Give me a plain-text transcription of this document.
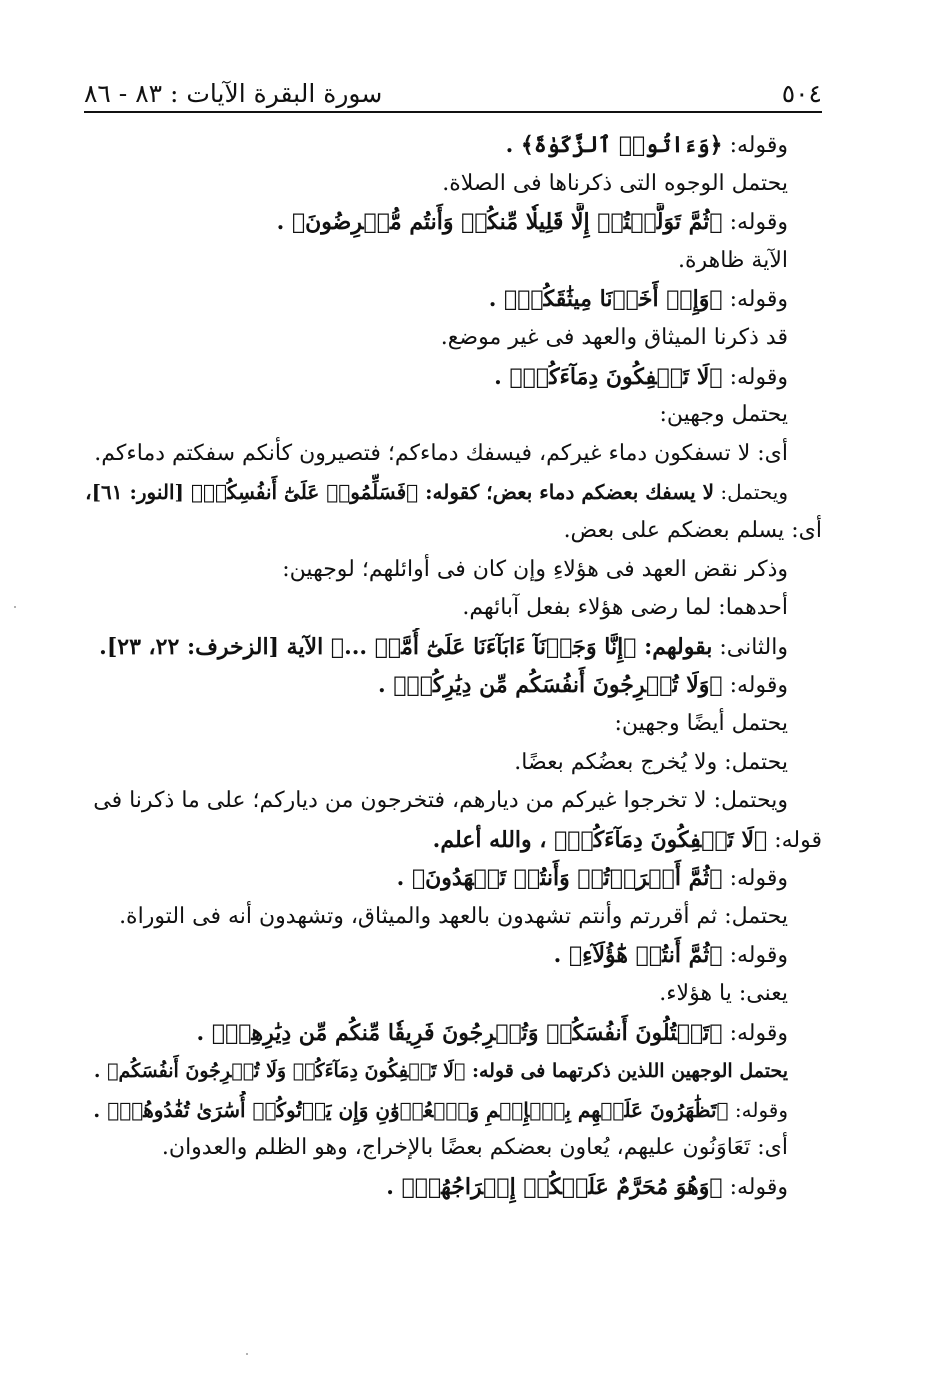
٥٠٤
سورة البقرة الآيات : ٨٣ - ٨٦
وقوله: ﴿وَءَاتُوا۟ ٱلزَّكَوٰةَ﴾ .
يحتمل الوجوه التى ذكرناها فى الصلاة.
وقوله: ﴿ثُمَّ تَوَلَّيۡتُمۡ إِلَّا قَلِيلٗا مِّنكُمۡ وَأَنتُم مُّعۡرِضُونَ﴾ .
الآية ظاهرة.
وقوله: ﴿وَإِذۡ أَخَذۡنَا مِيثَٰقَكُمۡ﴾ .
قد ذكرنا الميثاق والعهد فى غير موضع.
وقوله: ﴿لَا تَسۡفِكُونَ دِمَآءَكُمۡ﴾ .
يحتمل وجهين:
أى: لا تسفكون دماء غيركم، فيسفك دماءكم؛ فتصيرون كأنكم سفكتم دماءكم.
ويحتمل: لا يسفك بعضكم دماء بعض؛ كقوله: ﴿فَسَلِّمُوا۟ عَلَىٰٓ أَنفُسِكُمۡ﴾ [النور: ٦١]،
أى: يسلم بعضكم على بعض.
وذكر نقض العهد فى هؤلاءِ وإن كان فى أوائلهم؛ لوجهين:
أحدهما: لما رضى هؤلاء بفعل آبائهم.
والثانى: بقولهم: ﴿إِنَّا وَجَدۡنَآ ءَابَآءَنَا عَلَىٰٓ أُمَّةٖ ...﴾ الآية [الزخرف: ٢٢، ٢٣].
وقوله: ﴿وَلَا تُخۡرِجُونَ أَنفُسَكُم مِّن دِيَٰرِكُمۡ﴾ .
يحتمل أيضًا وجهين:
يحتمل: ولا يُخرج بعضُكم بعضًا.
ويحتمل: لا تخرجوا غيركم من ديارهم، فتخرجون من دياركم؛ على ما ذكرنا فى
قوله: ﴿لَا تَسۡفِكُونَ دِمَآءَكُمۡ﴾ ، والله أعلم.
وقوله: ﴿ثُمَّ أَقۡرَرۡتُمۡ وَأَنتُمۡ تَشۡهَدُونَ﴾ .
يحتمل: ثم أقررتم وأنتم تشهدون بالعهد والميثاق، وتشهدون أنه فى التوراة.
وقوله: ﴿ثُمَّ أَنتُمۡ هَٰٓؤُلَآءِ﴾ .
يعنى: يا هؤلاء.
وقوله: ﴿تَقۡتُلُونَ أَنفُسَكُمۡ وَتُخۡرِجُونَ فَرِيقٗا مِّنكُم مِّن دِيَٰرِهِمۡ﴾ .
يحتمل الوجهين اللذين ذكرتهما فى قوله: ﴿لَا تَسۡفِكُونَ دِمَآءَكُمۡ وَلَا تُخۡرِجُونَ أَنفُسَكُم﴾ .
وقوله: ﴿تَظَٰهَرُونَ عَلَيۡهِم بِٱلۡإِثۡمِ وَٱلۡعُدۡوَٰنِ وَإِن يَأۡتُوكُمۡ أُسَٰرَىٰ تُفَٰدُوهُمۡ﴾ .
أى: تَعَاوَنُون عليهم، يُعاون بعضكم بعضًا بالإخراج، وهو الظلم والعدوان.
وقوله: ﴿وَهُوَ مُحَرَّمٌ عَلَيۡكُمۡ إِخۡرَاجُهُمۡ﴾ .
